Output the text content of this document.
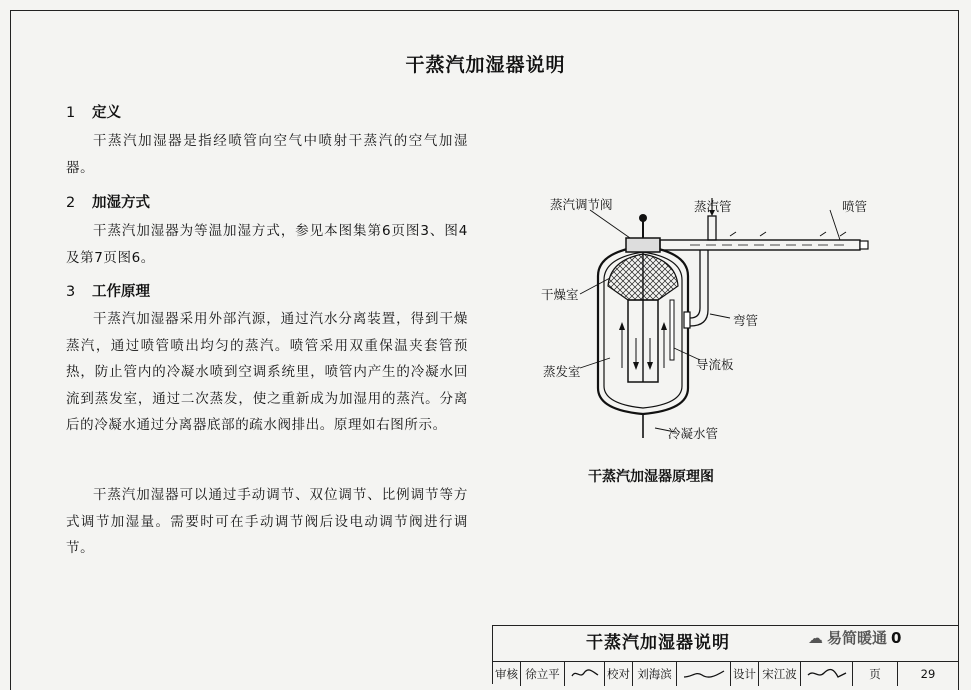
干蒸汽加湿器说明
1 定义
干蒸汽加湿器是指经喷管向空气中喷射干蒸汽的空气加湿器。
2 加湿方式
干蒸汽加湿器为等温加湿方式，参见本图集第6页图3、图4及第7页图6。
3 工作原理
干蒸汽加湿器采用外部汽源，通过汽水分离装置，得到干燥蒸汽，通过喷管喷出均匀的蒸汽。喷管采用双重保温夹套管预热，防止管内的冷凝水喷到空调系统里，喷管内产生的冷凝水回流到蒸发室，通过二次蒸发，使之重新成为加湿用的蒸汽。分离后的冷凝水通过分离器底部的疏水阀排出。原理如右图所示。
干蒸汽加湿器可以通过手动调节、双位调节、比例调节等方式调节加湿量。需要时可在手动调节阀后设电动调节阀进行调节。
蒸汽调节阀	蒸汽管	喷管
干燥室
弯管
导流板
蒸发室
冷凝水管
干蒸汽加湿器原理图
干蒸汽加湿器说明
审核 徐立平	校对 刘海滨	设计 宋江波	页	29
☁ 易简暖通 0
